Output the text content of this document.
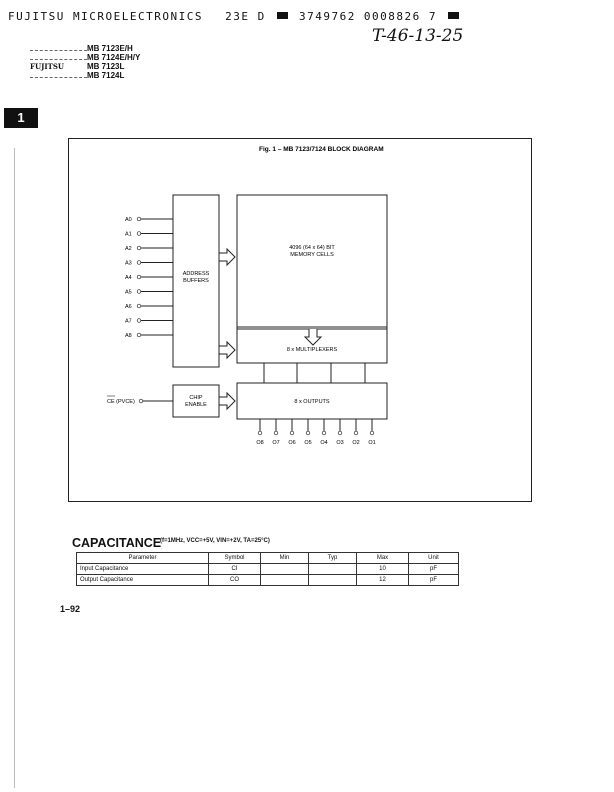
FUJITSU MICROELECTRONICS 23E D	3749762 0008826 7
T-46-13-25
MB 7123E/H
MB 7124E/H/Y
FUJITSU	MB 7123L
MB 7124L
1
Fig. 1 – MB 7123/7124 BLOCK DIAGRAM
A0
A1
A2
A3
A4
A5
A6
A7
A8
ADDRESS
BUFFERS
4096 (64 x 64) BIT
MEMORY CELLS
8 x MULTIPLEXERS
CHIP
ENABLE
CE (PVCE)	8 x OUTPUTS
O8 O7 O6 O5 O4 O3 O2 O1
CAPACITANCE
(f=1MHz, VCC=+5V, VIN=+2V, TA=25°C)
Parameter	Symbol	Min	Typ	Max	Unit
Input Capacitance	CI			10	pF
Output Capacitance	CO			12	pF
1–92
